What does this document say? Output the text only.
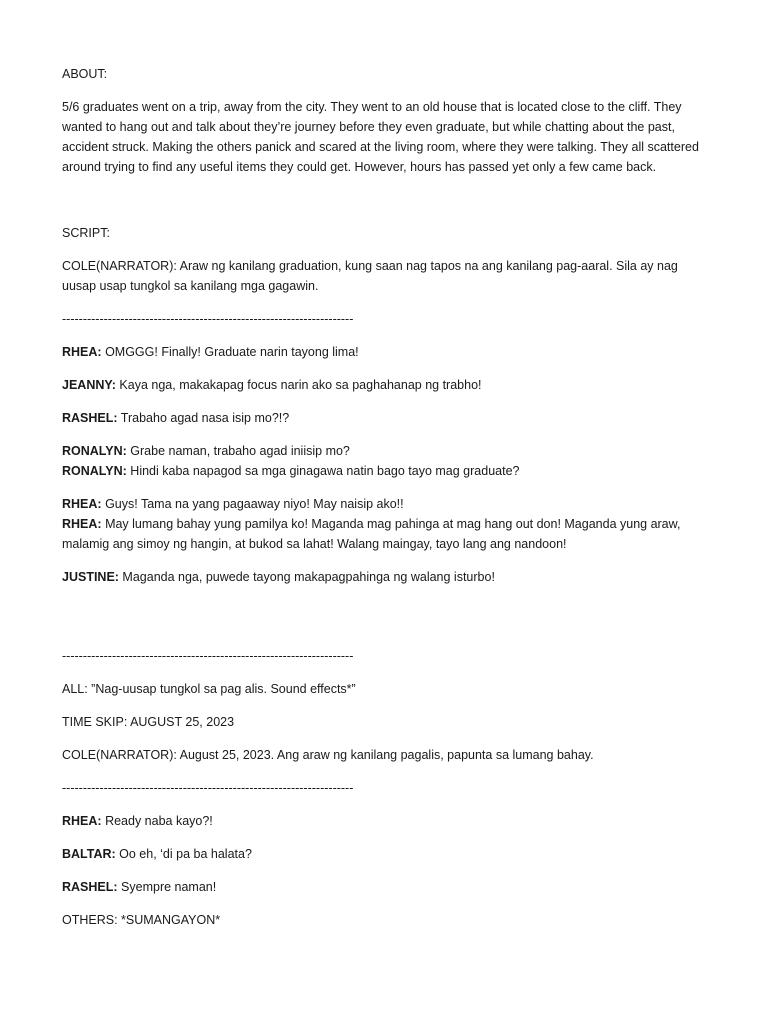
ABOUT:

5/6 graduates went on a trip, away from the city. They went to an old house that is located close to the cliff. They wanted to hang out and talk about they’re journey before they even graduate, but while chatting about the past, accident struck. Making the others panick and scared at the living room, where they were talking. They all scattered around trying to find any useful items they could get. However, hours has passed yet only a few came back.

SCRIPT:

COLE(NARRATOR): Araw ng kanilang graduation, kung saan nag tapos na ang kanilang pag-aaral. Sila ay nag uusap usap tungkol sa kanilang mga gagawin.

----------------------------------------------------------------------

RHEA: OMGGG! Finally! Graduate narin tayong lima!

JEANNY: Kaya nga, makakapag focus narin ako sa paghahanap ng trabho!

RASHEL: Trabaho agad nasa isip mo?!?

RONALYN: Grabe naman, trabaho agad iniisip mo?

RONALYN: Hindi kaba napagod sa mga ginagawa natin bago tayo mag graduate?

RHEA: Guys! Tama na yang pagaaway niyo! May naisip ako!!

RHEA: May lumang bahay yung pamilya ko! Maganda mag pahinga at mag hang out don! Maganda yung araw, malamig ang simoy ng hangin, at bukod sa lahat! Walang maingay, tayo lang ang nandoon!

JUSTINE: Maganda nga, puwede tayong makapagpahinga ng walang isturbo!

----------------------------------------------------------------------

ALL: ”Nag-uusap tungkol sa pag alis. Sound effects*”

TIME SKIP: AUGUST 25, 2023

COLE(NARRATOR): August 25, 2023. Ang araw ng kanilang pagalis, papunta sa lumang bahay.

----------------------------------------------------------------------

RHEA: Ready naba kayo?!

BALTAR: Oo eh, ‘di pa ba halata?

RASHEL: Syempre naman!

OTHERS: *SUMANGAYON*
